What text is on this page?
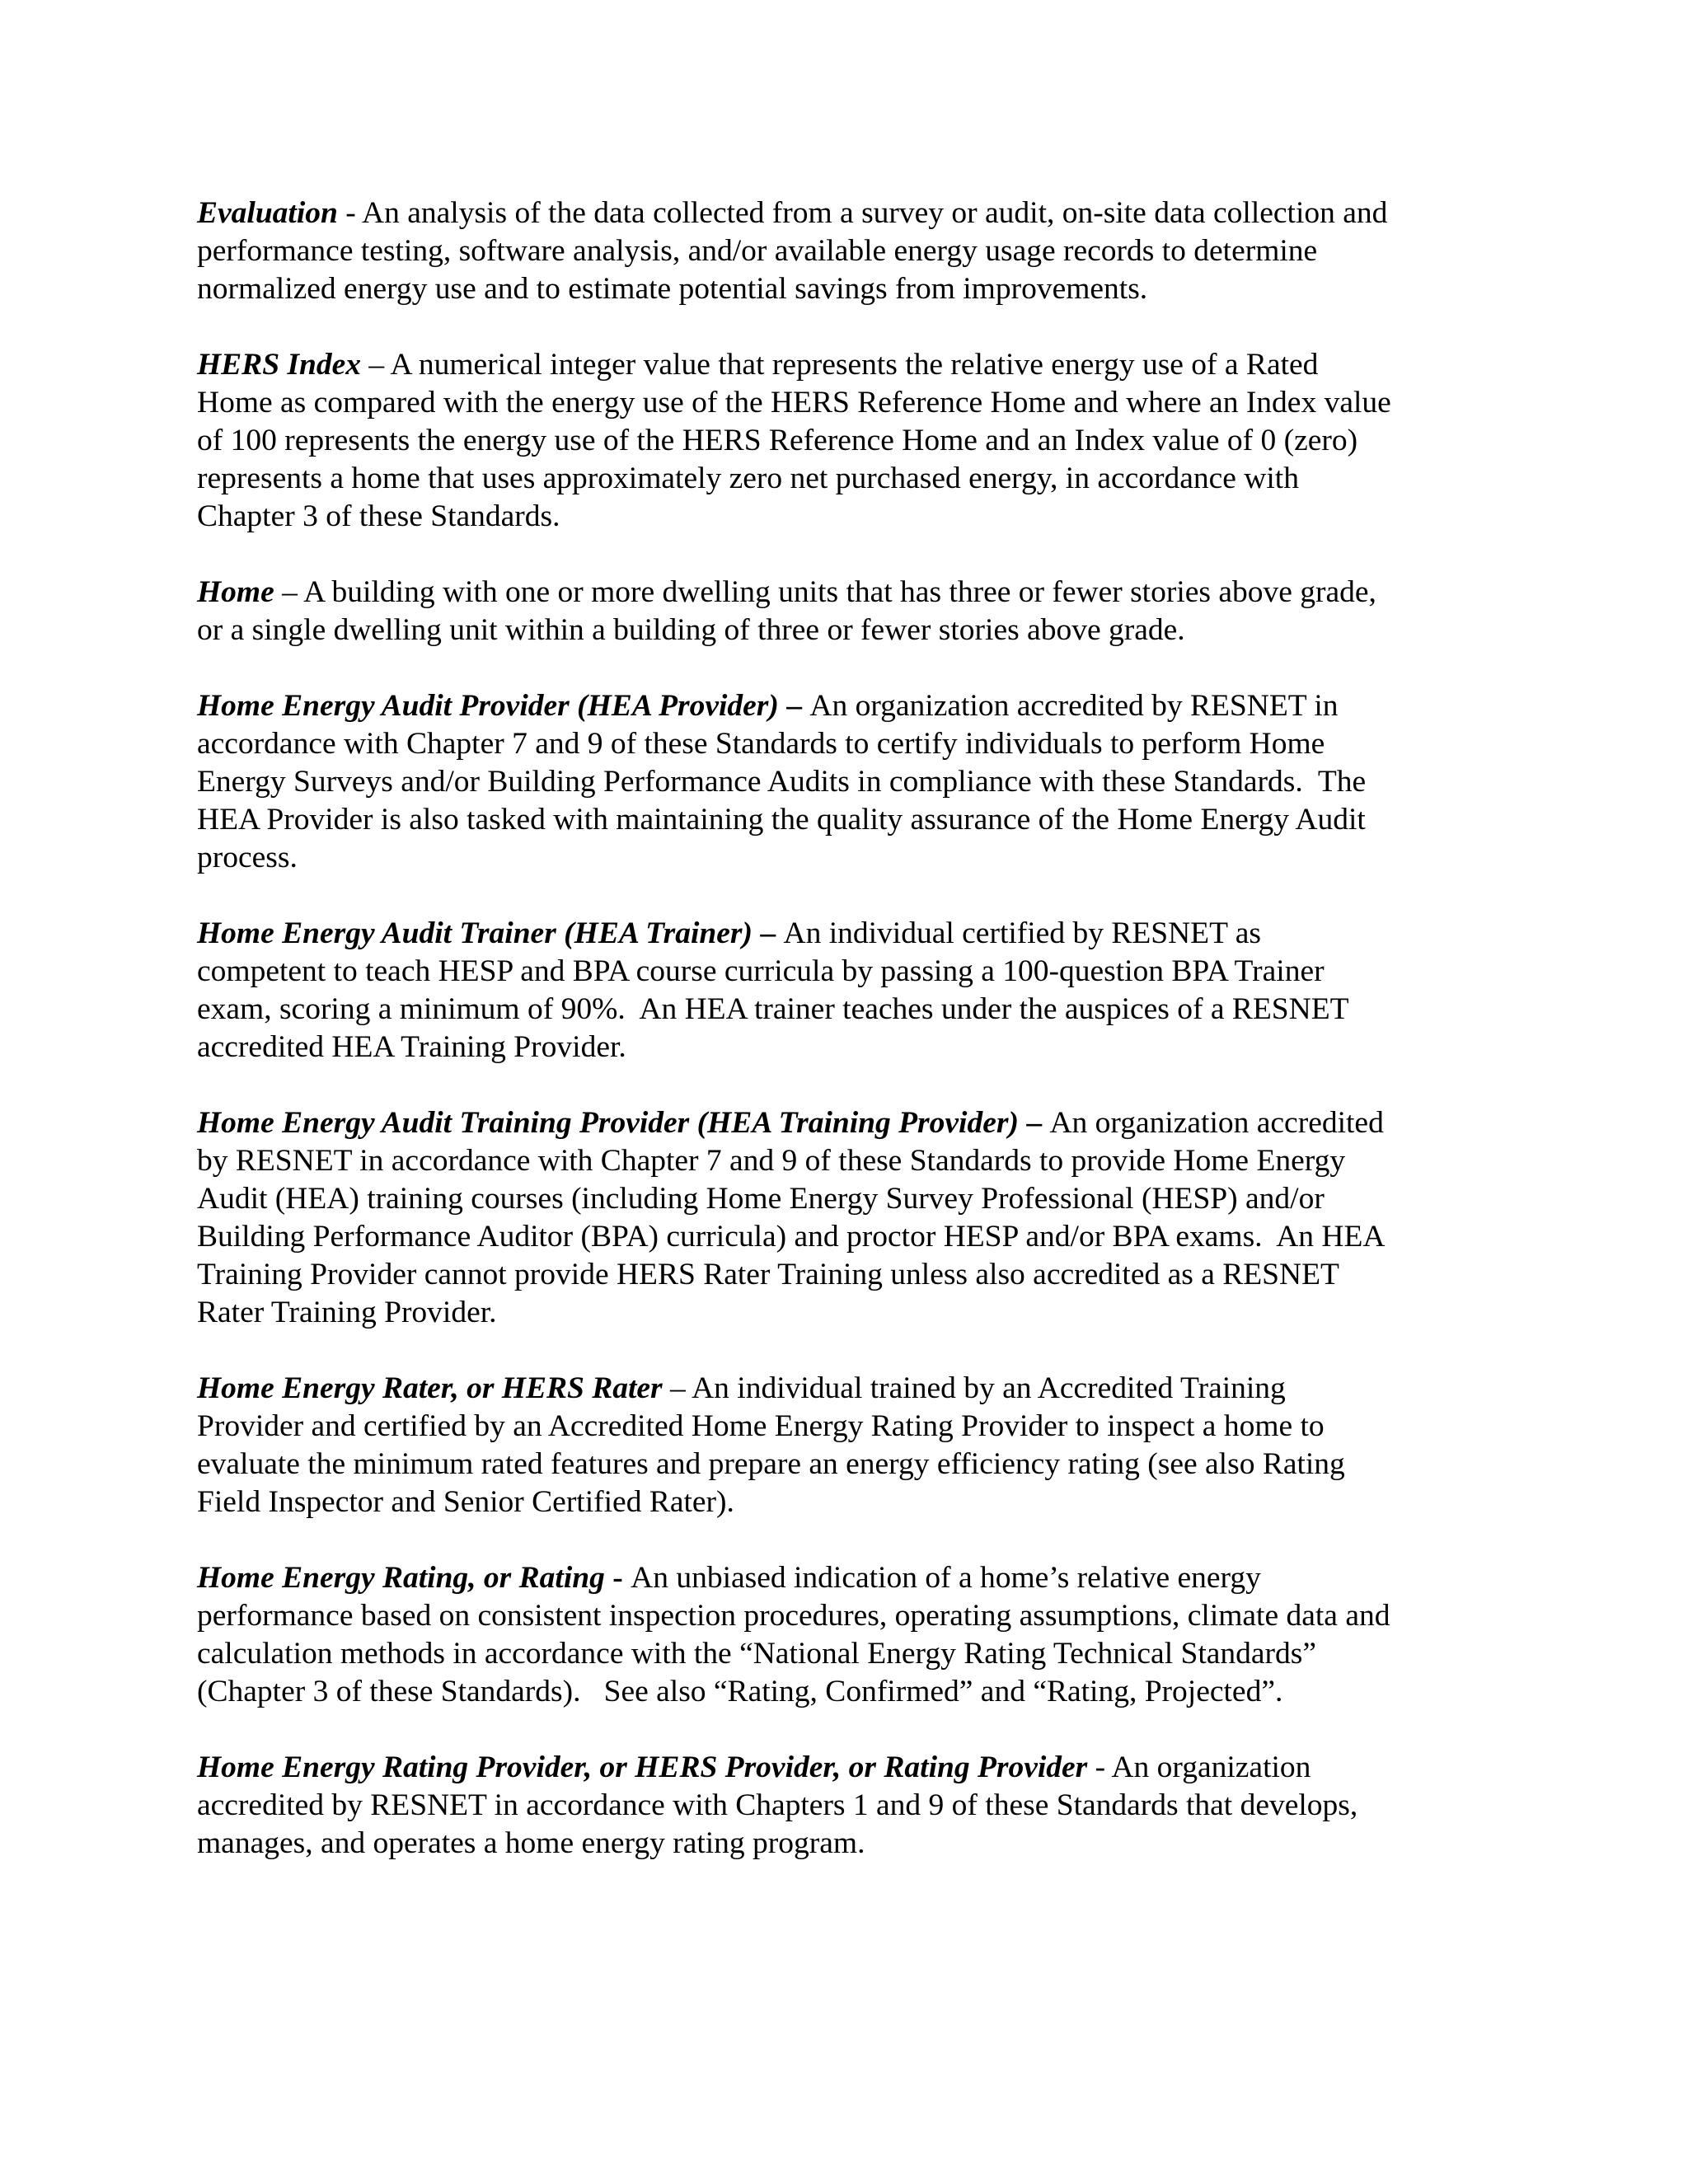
Evaluation - An analysis of the data collected from a survey or audit, on-site data collection and
performance testing, software analysis, and/or available energy usage records to determine
normalized energy use and to estimate potential savings from improvements.
HERS Index – A numerical integer value that represents the relative energy use of a Rated
Home as compared with the energy use of the HERS Reference Home and where an Index value
of 100 represents the energy use of the HERS Reference Home and an Index value of 0 (zero)
represents a home that uses approximately zero net purchased energy, in accordance with
Chapter 3 of these Standards.
Home – A building with one or more dwelling units that has three or fewer stories above grade,
or a single dwelling unit within a building of three or fewer stories above grade.
Home Energy Audit Provider (HEA Provider) – An organization accredited by RESNET in
accordance with Chapter 7 and 9 of these Standards to certify individuals to perform Home
Energy Surveys and/or Building Performance Audits in compliance with these Standards.  The
HEA Provider is also tasked with maintaining the quality assurance of the Home Energy Audit
process.
Home Energy Audit Trainer (HEA Trainer) – An individual certified by RESNET as
competent to teach HESP and BPA course curricula by passing a 100-question BPA Trainer
exam, scoring a minimum of 90%.  An HEA trainer teaches under the auspices of a RESNET
accredited HEA Training Provider.
Home Energy Audit Training Provider (HEA Training Provider) – An organization accredited
by RESNET in accordance with Chapter 7 and 9 of these Standards to provide Home Energy
Audit (HEA) training courses (including Home Energy Survey Professional (HESP) and/or
Building Performance Auditor (BPA) curricula) and proctor HESP and/or BPA exams.  An HEA
Training Provider cannot provide HERS Rater Training unless also accredited as a RESNET
Rater Training Provider.
Home Energy Rater, or HERS Rater – An individual trained by an Accredited Training
Provider and certified by an Accredited Home Energy Rating Provider to inspect a home to
evaluate the minimum rated features and prepare an energy efficiency rating (see also Rating
Field Inspector and Senior Certified Rater).
Home Energy Rating, or Rating - An unbiased indication of a home’s relative energy
performance based on consistent inspection procedures, operating assumptions, climate data and
calculation methods in accordance with the “National Energy Rating Technical Standards”
(Chapter 3 of these Standards).   See also “Rating, Confirmed” and “Rating, Projected”.
Home Energy Rating Provider, or HERS Provider, or Rating Provider - An organization
accredited by RESNET in accordance with Chapters 1 and 9 of these Standards that develops,
manages, and operates a home energy rating program.
